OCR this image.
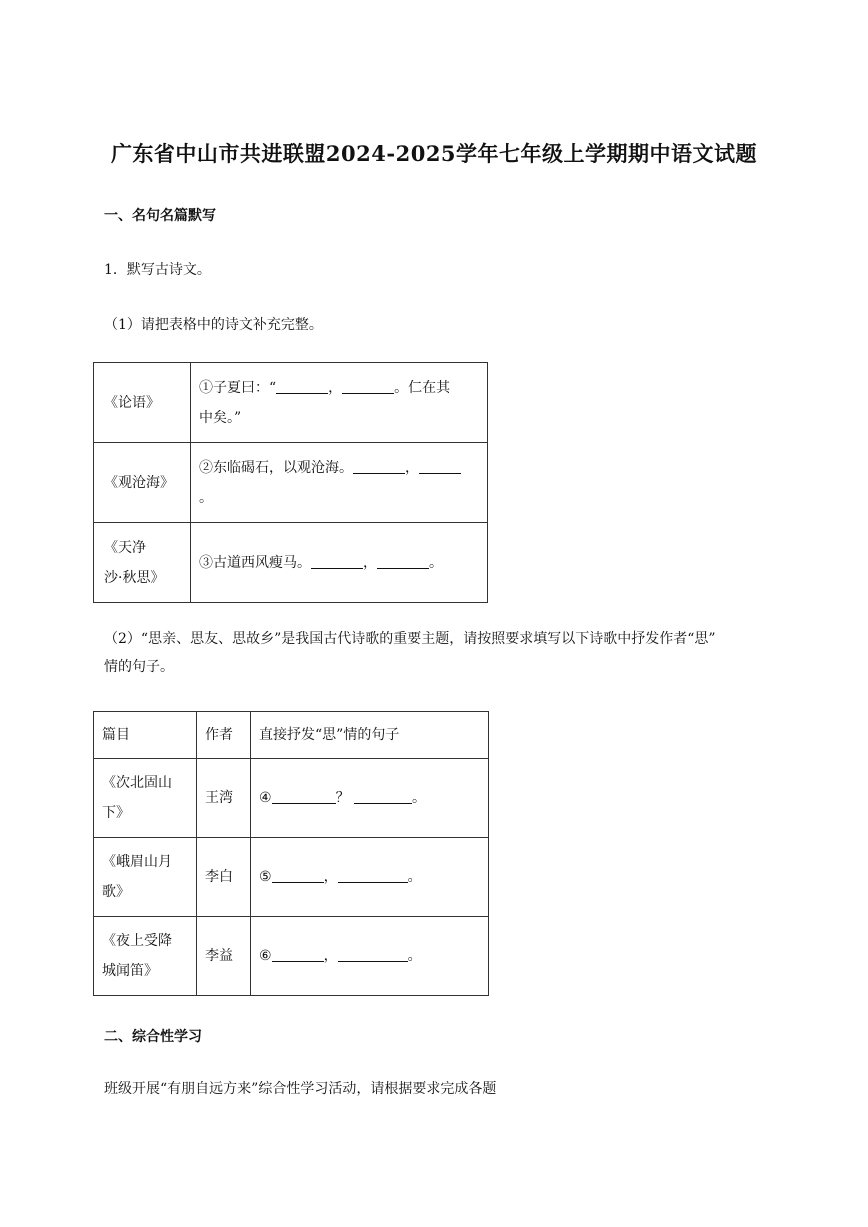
广东省中山市共进联盟2024-2025学年七年级上学期期中语文试题
一、名句名篇默写
1．默写古诗文。
（1）请把表格中的诗文补充完整。
《论语》	①子夏曰：“ ， 。仁在其
中矣。”
《观沧海》	②东临碣石，以观沧海。 ，
。
《天净
沙·秋思》	③古道西风瘦马。 ， 。
（2）“思亲、思友、思故乡”是我国古代诗歌的重要主题，请按照要求填写以下诗歌中抒发作者“思”
情的句子。
篇目	作者	直接抒发“思”情的句子
《次北固山
下》	王湾	④ ？ 。
《峨眉山月
歌》	李白	⑤ ， 。
《夜上受降
城闻笛》	李益	⑥ ， 。
二、综合性学习
班级开展“有朋自远方来”综合性学习活动，请根据要求完成各题
